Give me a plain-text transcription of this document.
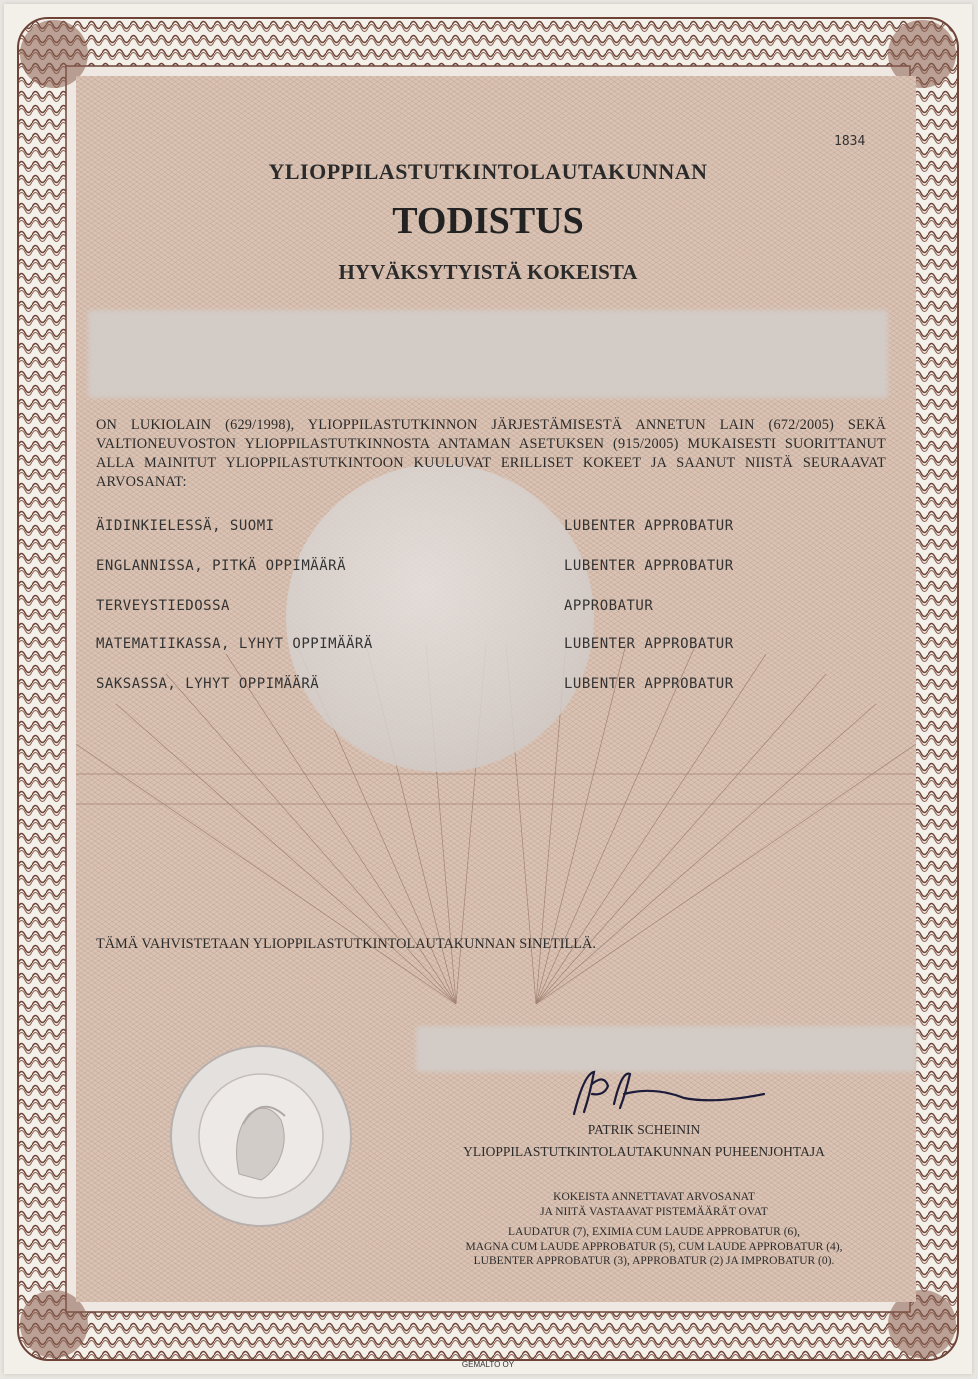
1834
YLIOPPILASTUTKINTOLAUTAKUNNAN
TODISTUS
HYVÄKSYTYISTÄ KOKEISTA
ON LUKIOLAIN (629/1998), YLIOPPILASTUTKINNON JÄRJESTÄMISESTÄ ANNETUN LAIN (672/2005) SEKÄ VALTIONEUVOSTON YLIOPPILASTUTKINNOSTA ANTAMAN ASETUKSEN (915/2005) MUKAISESTI SUORITTANUT ALLA MAINITUT YLIOPPILASTUTKINTOON KUULUVAT ERILLISET KOKEET JA SAANUT NIISTÄ SEURAAVAT ARVOSANAT:
ÄIDINKIELESSÄ, SUOMI	LUBENTER APPROBATUR
ENGLANNISSA, PITKÄ OPPIMÄÄRÄ	LUBENTER APPROBATUR
TERVEYSTIEDOSSA	APPROBATUR
MATEMATIIKASSA, LYHYT OPPIMÄÄRÄ	LUBENTER APPROBATUR
SAKSASSA, LYHYT OPPIMÄÄRÄ	LUBENTER APPROBATUR
TÄMÄ VAHVISTETAAN YLIOPPILASTUTKINTOLAUTAKUNNAN SINETILLÄ.
PATRIK SCHEININ
YLIOPPILASTUTKINTOLAUTAKUNNAN PUHEENJOHTAJA
KOKEISTA ANNETTAVAT ARVOSANAT
JA NIITÄ VASTAAVAT PISTEMÄÄRÄT OVAT
LAUDATUR (7), EXIMIA CUM LAUDE APPROBATUR (6),
MAGNA CUM LAUDE APPROBATUR (5), CUM LAUDE APPROBATUR (4),
LUBENTER APPROBATUR (3), APPROBATUR (2) JA IMPROBATUR (0).
GEMALTO OY
